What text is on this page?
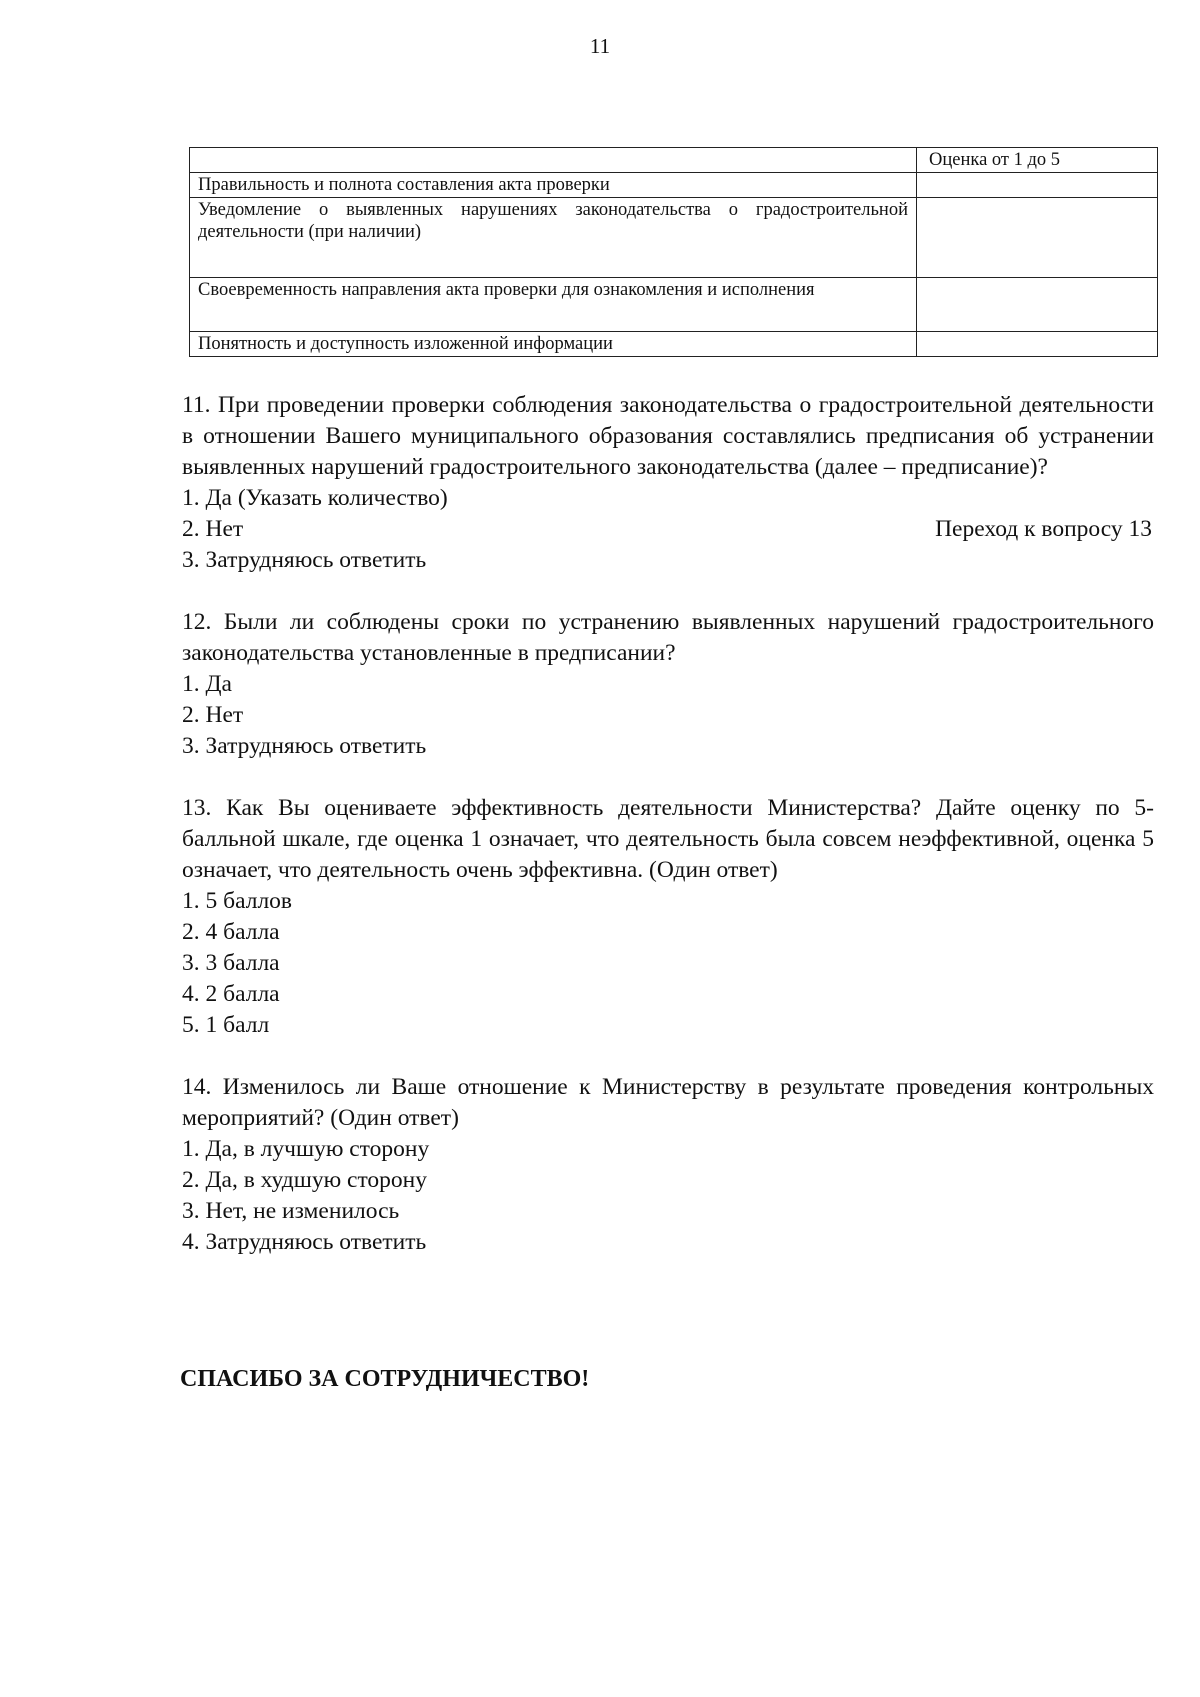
11
	Оценка от 1 до 5
Правильность и полнота составления акта проверки	
Уведомление о выявленных нарушениях законодательства о градостроительной деятельности (при наличии)	
Своевременность направления акта проверки для ознакомления и исполнения	
Понятность и доступность изложенной информации	

11. При проведении проверки соблюдения законодательства о градостроительной деятельности в отношении Вашего муниципального образования составлялись предписания об устранении выявленных нарушений градостроительного законодательства (далее – предписание)?

1. Да (Указать количество)
2. Нет	Переход к вопросу 13
3. Затрудняюсь ответить

12. Были ли соблюдены сроки по устранению выявленных нарушений градостроительного законодательства установленные в предписании?

1. Да
2. Нет
3. Затрудняюсь ответить

13. Как Вы оцениваете эффективность деятельности Министерства? Дайте оценку по 5-балльной шкале, где оценка 1 означает, что деятельность была совсем неэффективной, оценка 5 означает, что деятельность очень эффективна. (Один ответ)

1. 5 баллов
2. 4 балла
3. 3 балла
4. 2 балла
5. 1 балл

14. Изменилось ли Ваше отношение к Министерству в результате проведения контрольных мероприятий? (Один ответ)

1. Да, в лучшую сторону
2. Да, в худшую сторону
3. Нет, не изменилось
4. Затрудняюсь ответить
СПАСИБО ЗА СОТРУДНИЧЕСТВО!
